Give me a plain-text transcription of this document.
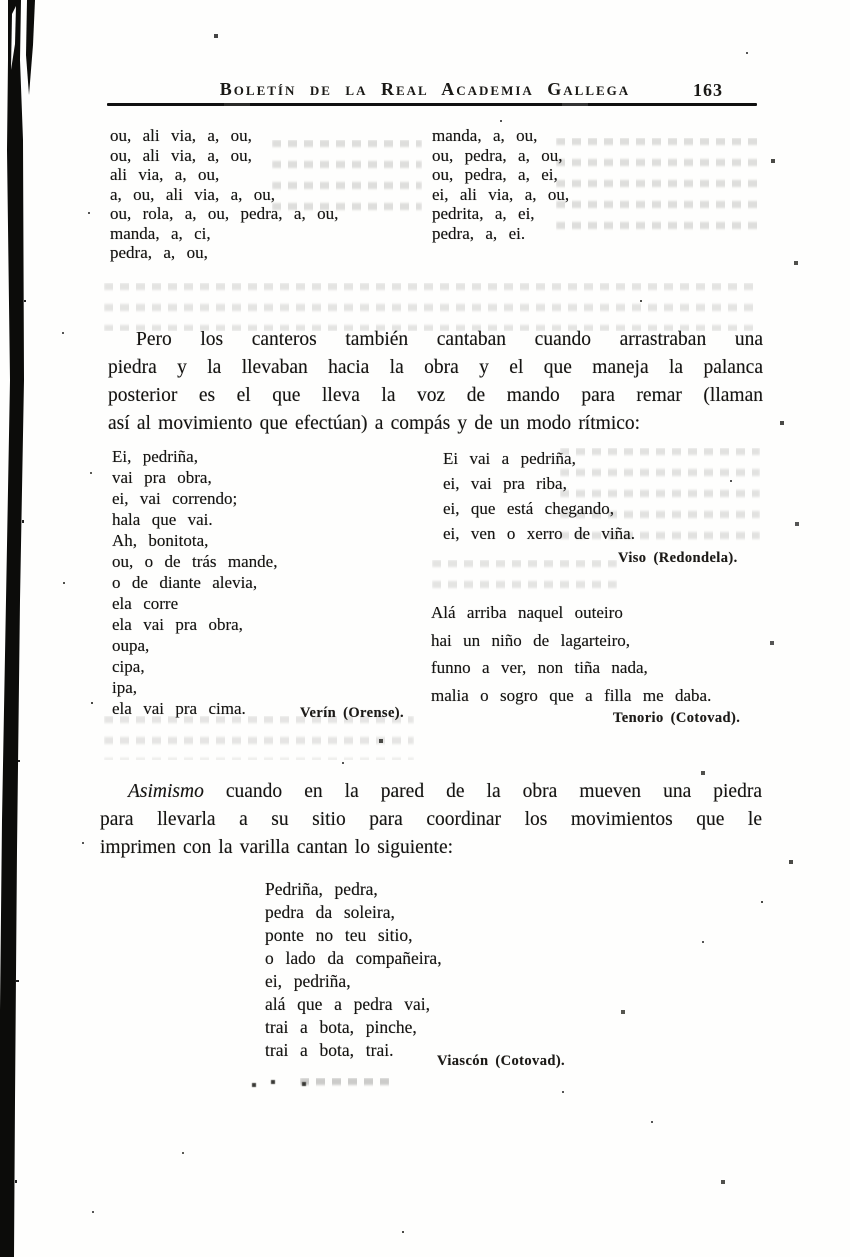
Boletín de la Real Academia Gallega	163
ou, ali via, a, ou,
ou, ali via, a, ou,
ali via, a, ou,
a, ou, ali via, a, ou,
ou, rola, a, ou, pedra, a, ou,
manda, a, ci,
pedra, a, ou,
manda, a, ou,
ou, pedra, a, ou,
ou, pedra, a, ei,
ei, ali via, a, ou,
pedrita, a, ei,
pedra, a, ei.
Pero los canteros también cantaban cuando arrastraban una
piedra y la llevaban hacia la obra y el que maneja la palanca
posterior es el que lleva la voz de mando para remar (llaman
así al movimiento que efectúan) a compás y de un modo rítmico:
Ei, pedriña,
vai pra obra,
ei, vai correndo;
hala que vai.
Ah, bonitota,
ou, o de trás mande,
o de diante alevia,
ela corre
ela vai pra obra,
oupa,
cipa,
ipa,
ela vai pra cima.
Ei vai a pedriña,
ei, vai pra riba,
ei, que está chegando,
ei, ven o xerro de viña.
Viso (Redondela).
Alá arriba naquel outeiro
hai un niño de lagarteiro,
funno a ver, non tiña nada,
malia o sogro que a filla me daba.
Verín (Orense).	Tenorio (Cotovad).
Asimismo cuando en la pared de la obra mueven una piedra
para llevarla a su sitio para coordinar los movimientos que le
imprimen con la varilla cantan lo siguiente:
Pedriña, pedra,
pedra da soleira,
ponte no teu sitio,
o lado da compañeira,
ei, pedriña,
alá que a pedra vai,
trai a bota, pinche,
trai a bota, trai.
Viascón (Cotovad).
